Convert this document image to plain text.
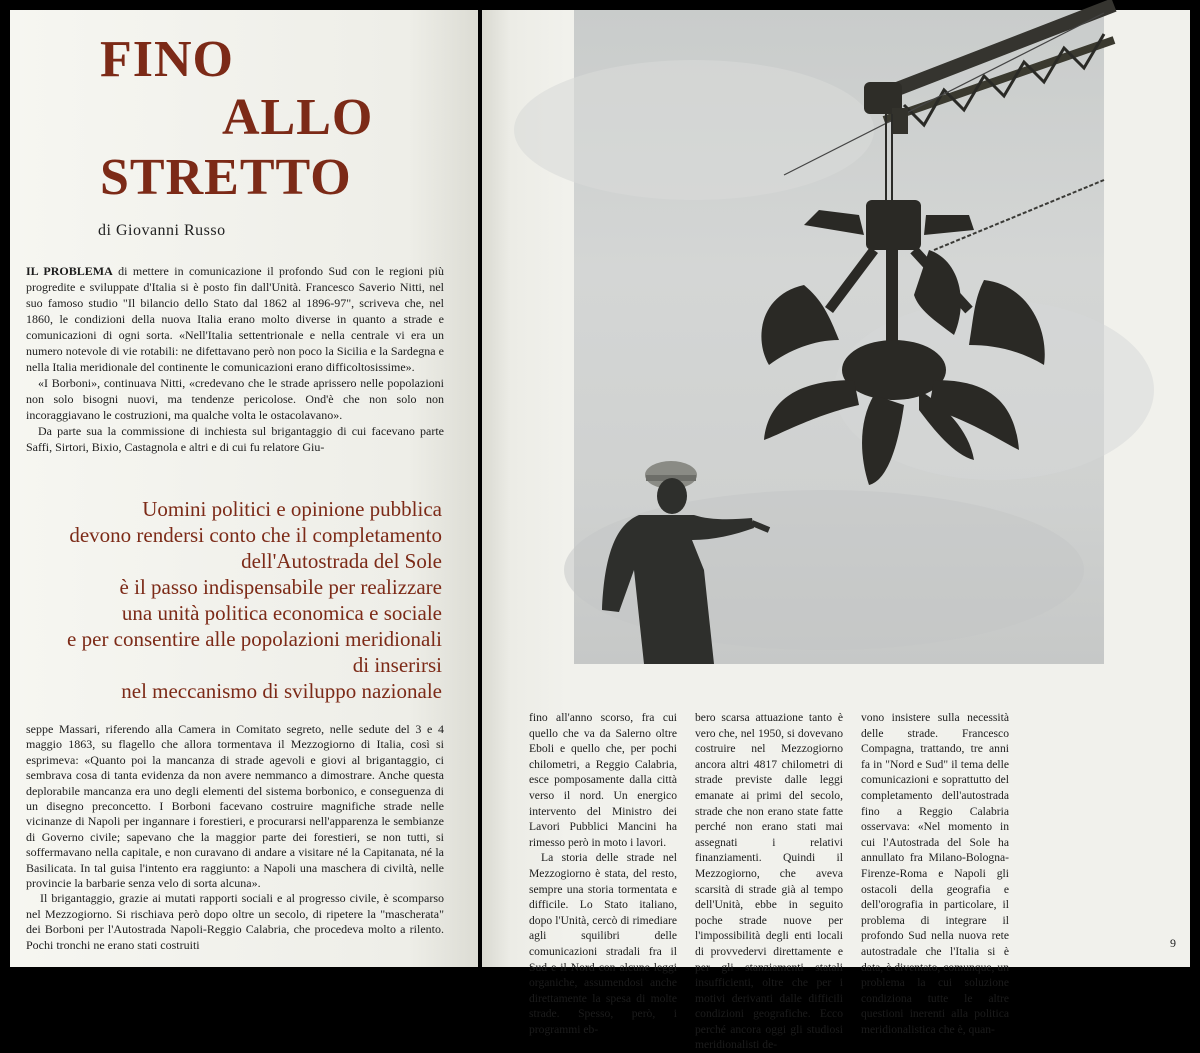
FINO
ALLO
STRETTO
di Giovanni Russo

IL PROBLEMA di mettere in comunicazione il profondo Sud con le regioni più progredite e sviluppate d'Italia si è posto fin dall'Unità. Francesco Saverio Nitti, nel suo famoso studio "Il bilancio dello Stato dal 1862 al 1896-97", scriveva che, nel 1860, le condizioni della nuova Italia erano molto diverse in quanto a strade e comunicazioni di ogni sorta. «Nell'Italia settentrionale e nella centrale vi era un numero notevole di vie rotabili: ne difettavano però non poco la Sicilia e la Sardegna e nella Italia meridionale del continente le comunicazioni erano difficoltosissime».

«I Borboni», continuava Nitti, «credevano che le strade aprissero nelle popolazioni non solo bisogni nuovi, ma tendenze pericolose. Ond'è che non solo non incoraggiavano le costruzioni, ma qualche volta le ostacolavano».

Da parte sua la commissione di inchiesta sul brigantaggio di cui facevano parte Saffi, Sirtori, Bixio, Castagnola e altri e di cui fu relatore Giu-

Uomini politici e opinione pubblica
devono rendersi conto che il completamento
dell'Autostrada del Sole
è il passo indispensabile per realizzare
una unità politica economica e sociale
e per consentire alle popolazioni meridionali
di inserirsi
nel meccanismo di sviluppo nazionale

seppe Massari, riferendo alla Camera in Comitato segreto, nelle sedute del 3 e 4 maggio 1863, su flagello che allora tormentava il Mezzogiorno di Italia, così si esprimeva: «Quanto poi la mancanza di strade agevoli e giovi al brigantaggio, ci sembrava cosa di tanta evidenza da non avere nemmanco a dimostrare. Anche questa deplorabile mancanza era uno degli elementi del sistema borbonico, e conseguenza di un disegno preconcetto. I Borboni facevano costruire magnifiche strade nelle vicinanze di Napoli per ingannare i forestieri, e procurarsi nell'apparenza le sembianze di Governo civile; sapevano che la maggior parte dei forestieri, se non tutti, si soffermavano nella capitale, e non curavano di andare a visitare né la Capitanata, né la Basilicata. In tal guisa l'intento era raggiunto: a Napoli una maschera di civiltà, nelle provincie la barbarie senza velo di sorta alcuna».

Il brigantaggio, grazie ai mutati rapporti sociali e al progresso civile, è scomparso nel Mezzogiorno. Si rischiava però dopo oltre un secolo, di ripetere la "mascherata" dei Borboni per l'Autostrada Napoli-Reggio Calabria, che procedeva molto a rilento. Pochi tronchi ne erano stati costruiti

fino all'anno scorso, fra cui quello che va da Salerno oltre Eboli e quello che, per pochi chilometri, a Reggio Calabria, esce pomposamente dalla città verso il nord. Un energico intervento del Ministro dei Lavori Pubblici Mancini ha rimesso però in moto i lavori.

La storia delle strade nel Mezzogiorno è stata, del resto, sempre una storia tormentata e difficile. Lo Stato italiano, dopo l'Unità, cercò di rimediare agli squilibri delle comunicazioni stradali fra il Sud e il Nord con alcune leggi organiche, assumendosi anche direttamente la spesa di molte strade. Spesso, però, i programmi eb-

bero scarsa attuazione tanto è vero che, nel 1950, si dovevano costruire nel Mezzogiorno ancora altri 4817 chilometri di strade previste dalle leggi emanate ai primi del secolo, strade che non erano state fatte perché non erano stati mai assegnati i relativi finanziamenti. Quindi il Mezzogiorno, che aveva scarsità di strade già al tempo dell'Unità, ebbe in seguito poche strade nuove per l'impossibilità degli enti locali di provvedervi direttamente e per gli stanziamenti statali insufficienti, oltre che per i motivi derivanti dalle difficili condizioni geografiche. Ecco perché ancora oggi gli studiosi meridionalisti de-

vono insistere sulla necessità delle strade. Francesco Compagna, trattando, tre anni fa in "Nord e Sud" il tema delle comunicazioni e soprattutto del completamento dell'autostrada fino a Reggio Calabria osservava: «Nel momento in cui l'Autostrada del Sole ha annullato fra Milano-Bologna-Firenze-Roma e Napoli gli ostacoli della geografia e dell'orografia in particolare, il problema di integrare il profondo Sud nella nuova rete autostradale che l'Italia si è data, è diventato, comunque, un problema la cui soluzione condiziona tutte le altre questioni inerenti alla politica meridionalistica che è, quan-

9
